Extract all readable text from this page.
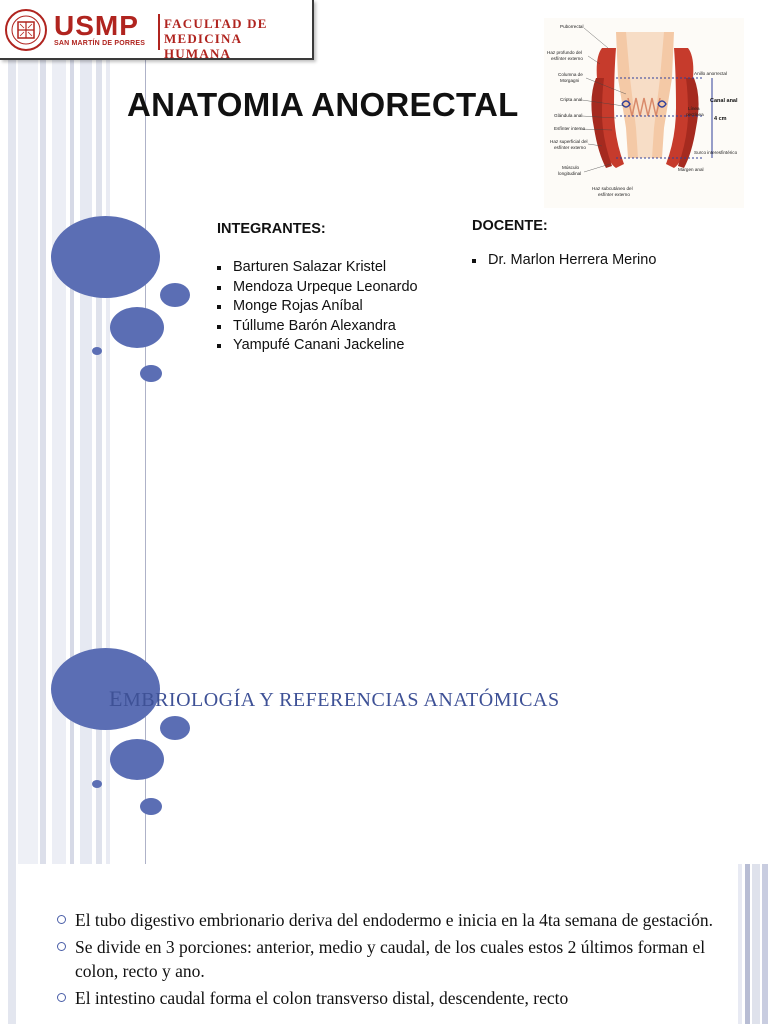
USMP
SAN MARTÍN DE PORRES
FACULTAD DE
MEDICINA HUMANA
ANATOMIA ANORECTAL
Puborrectal
Haz profundo del
esfínter externo
Columna de
Morgagni
Cripta anal
Glándula anal
Esfínter interno
Haz superficial del
esfínter externo
Músculo
longitudinal
Anillo anorrectal
Canal anal
4 cm
Línea
pectínea
Surco interesfintérico
Margen anal
Haz subcutáneo del
esfínter externo
INTEGRANTES:
Barturen Salazar Kristel
Mendoza Urpeque Leonardo
Monge Rojas Aníbal
Túllume Barón Alexandra
Yampufé Canani Jackeline
DOCENTE:
Dr. Marlon Herrera Merino
EMBRIOLOGÍA Y REFERENCIAS ANATÓMICAS
El tubo digestivo embrionario deriva del endodermo e inicia en la 4ta semana de gestación.
Se divide en 3 porciones: anterior, medio y caudal, de los cuales estos 2 últimos forman el colon, recto y ano.
El intestino caudal forma el colon transverso distal, descendente, recto
